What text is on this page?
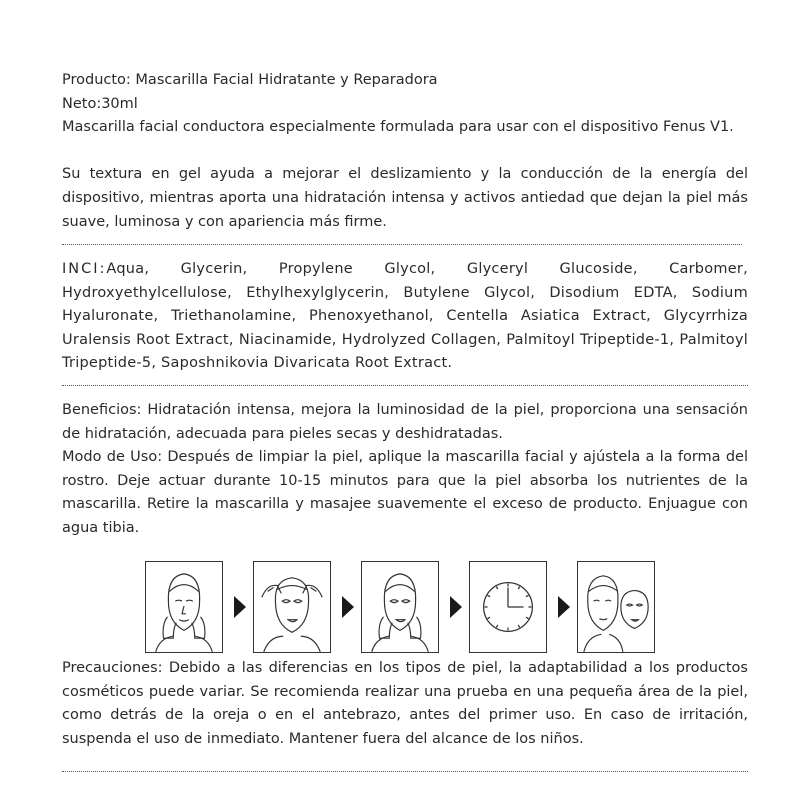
Producto: Mascarilla Facial Hidratante y Reparadora
Neto:30ml
Mascarilla facial conductora especialmente formulada para usar con el dispositivo Fenus V1.
Su textura en gel ayuda a mejorar el deslizamiento y la conducción de la energía del dispositivo, mientras aporta una hidratación intensa y activos antiedad que dejan la piel más suave, luminosa y con apariencia más firme.
INCI:Aqua, Glycerin, Propylene Glycol, Glyceryl Glucoside, Carbomer, Hydroxyethylcellulose, Ethylhexylglycerin, Butylene Glycol, Disodium EDTA, Sodium Hyaluronate, Triethanolamine, Phenoxyethanol, Centella Asiatica Extract, Glycyrrhiza Uralensis Root Extract, Niacinamide, Hydrolyzed Collagen, Palmitoyl Tripeptide-1, Palmitoyl Tripeptide-5, Saposhnikovia Divaricata Root Extract.
Beneficios: Hidratación intensa, mejora la luminosidad de la piel, proporciona una sensación de hidratación, adecuada para pieles secas y deshidratadas.
Modo de Uso: Después de limpiar la piel, aplique la mascarilla facial y ajústela a la forma del rostro. Deje actuar durante 10-15 minutos para que la piel absorba los nutrientes de la mascarilla. Retire la mascarilla y masajee suavemente el exceso de producto. Enjuague con agua tibia.
Precauciones: Debido a las diferencias en los tipos de piel, la adaptabilidad a los productos cosméticos puede variar. Se recomienda realizar una prueba en una pequeña área de la piel, como detrás de la oreja o en el antebrazo, antes del primer uso. En caso de irritación, suspenda el uso de inmediato. Mantener fuera del alcance de los niños.
